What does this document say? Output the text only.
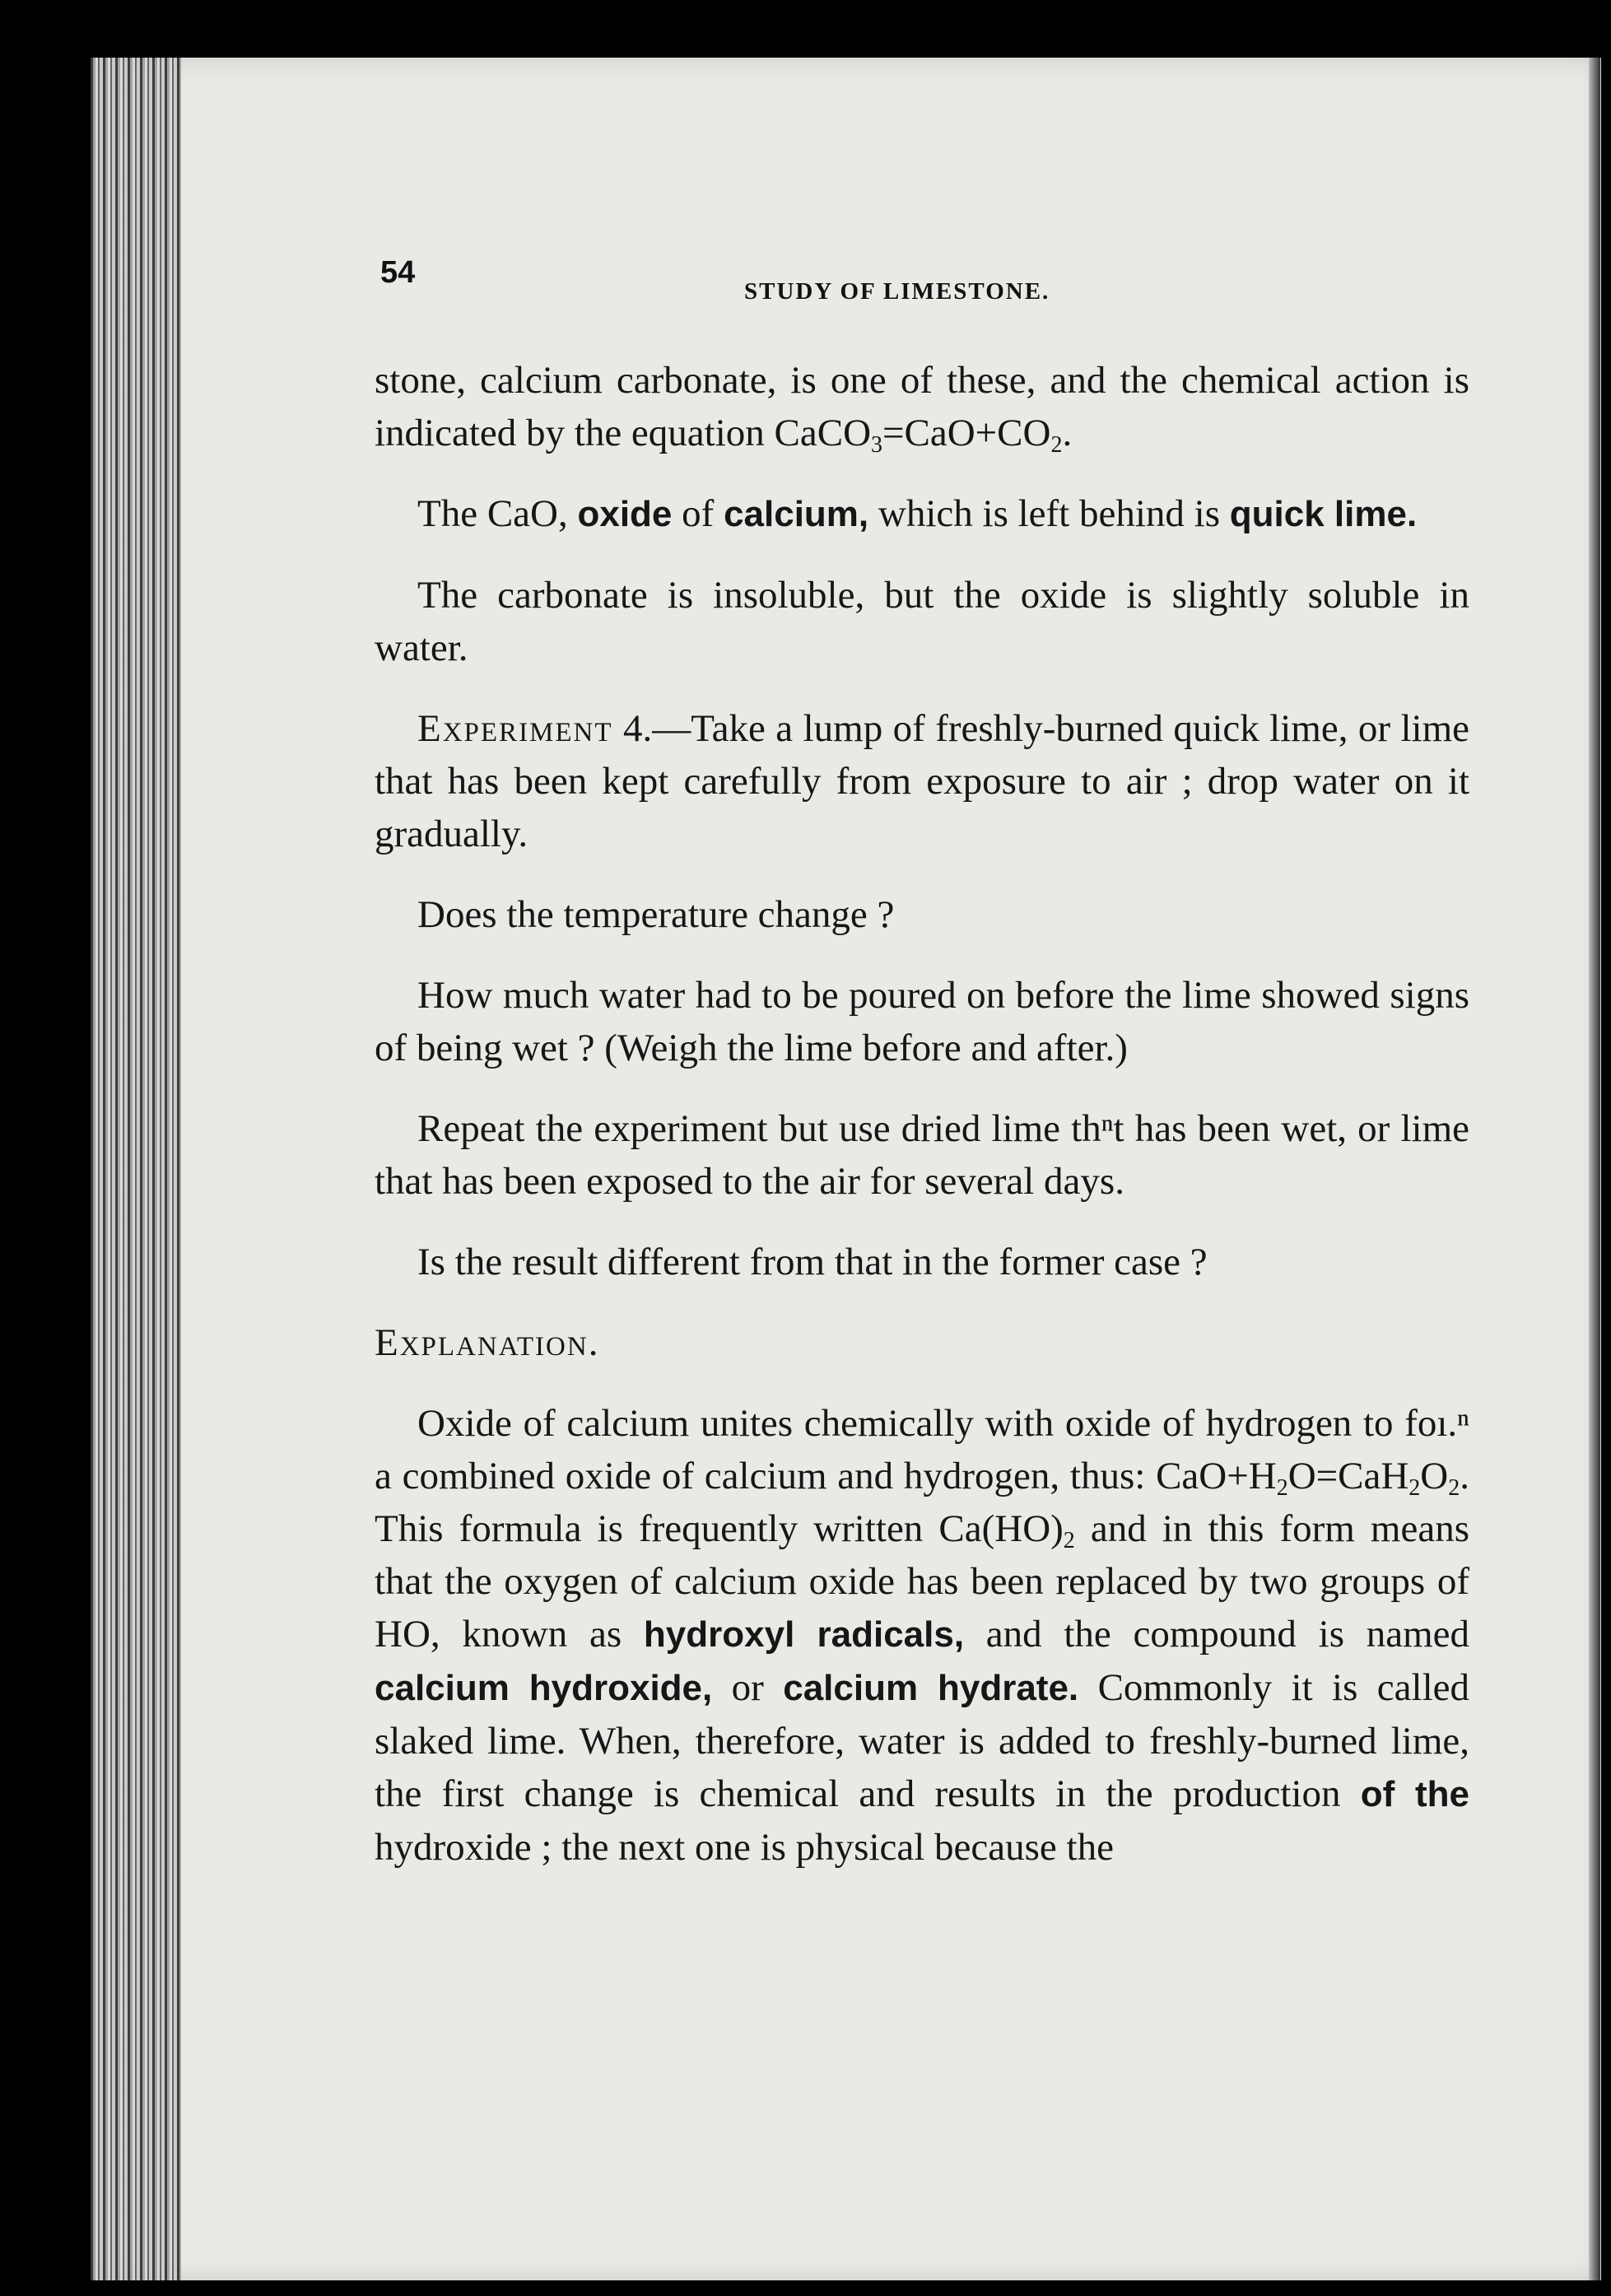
54
STUDY OF LIMESTONE.

stone, calcium carbonate, is one of these, and the chemical action is indicated by the equation $CaCO_3=CaO+CO_2$.

The CaO, oxide of calcium, which is left behind is quick lime.

The carbonate is insoluble, but the oxide is slightly soluble in water.

Experiment 4.—Take a lump of freshly-burned quick lime, or lime that has been kept carefully from exposure to air ; drop water on it gradually.

Does the temperature change ?

How much water had to be poured on before the lime showed signs of being wet ? (Weigh the lime before and after.)

Repeat the experiment but use dried lime thⁿt has been wet, or lime that has been exposed to the air for several days.

Is the result different from that in the former case ?

Explanation.

Oxide of calcium unites chemically with oxide of hydrogen to foı.ⁿ a combined oxide of calcium and hydrogen, thus: $CaO+H_2O=CaH_2O_2$. This formula is frequently written $Ca(HO)_2$ and in this form means that the oxygen of calcium oxide has been replaced by two groups of HO, known as hydroxyl radicals, and the compound is named calcium hydroxide, or calcium hydrate. Commonly it is called slaked lime. When, therefore, water is added to freshly-burned lime, the first change is chemical and results in the production of the hydroxide ; the next one is physical because the
